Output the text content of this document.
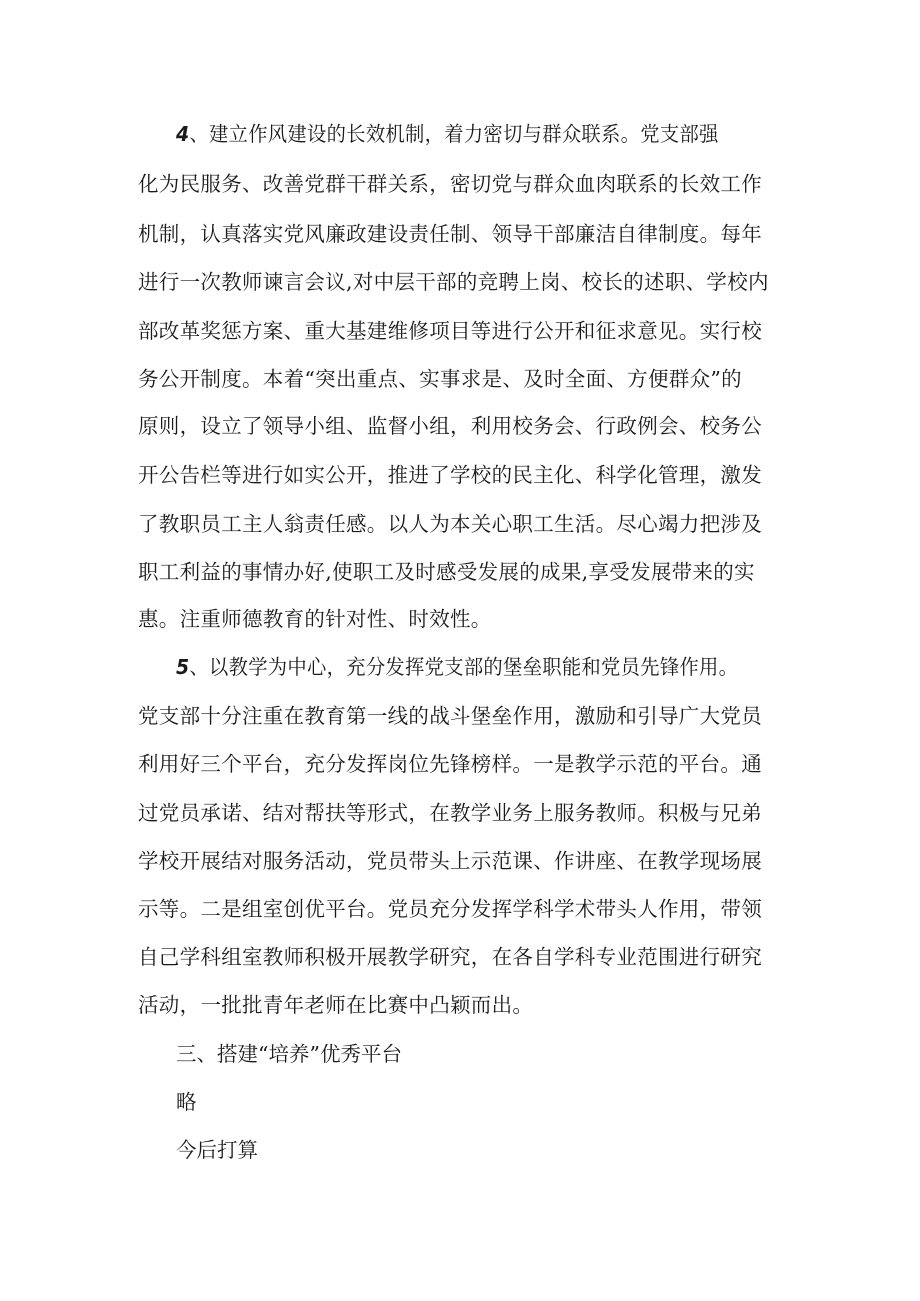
4、建立作风建设的长效机制，着力密切与群众联系。党支部强
化为民服务、改善党群干群关系，密切党与群众血肉联系的长效工作
机制，认真落实党风廉政建设责任制、领导干部廉洁自律制度。每年
进行一次教师谏言会议,对中层干部的竞聘上岗、校长的述职、学校内
部改革奖惩方案、重大基建维修项目等进行公开和征求意见。实行校
务公开制度。本着“突出重点、实事求是、及时全面、方便群众”的
原则，设立了领导小组、监督小组，利用校务会、行政例会、校务公
开公告栏等进行如实公开，推进了学校的民主化、科学化管理，激发
了教职员工主人翁责任感。以人为本关心职工生活。尽心竭力把涉及
职工利益的事情办好,使职工及时感受发展的成果,享受发展带来的实
惠。注重师德教育的针对性、时效性。
5、以教学为中心，充分发挥党支部的堡垒职能和党员先锋作用。
党支部十分注重在教育第一线的战斗堡垒作用，激励和引导广大党员
利用好三个平台，充分发挥岗位先锋榜样。一是教学示范的平台。通
过党员承诺、结对帮扶等形式，在教学业务上服务教师。积极与兄弟
学校开展结对服务活动，党员带头上示范课、作讲座、在教学现场展
示等。二是组室创优平台。党员充分发挥学科学术带头人作用，带领
自己学科组室教师积极开展教学研究，在各自学科专业范围进行研究
活动，一批批青年老师在比赛中凸颖而出。
三、搭建“培养”优秀平台
略
今后打算
